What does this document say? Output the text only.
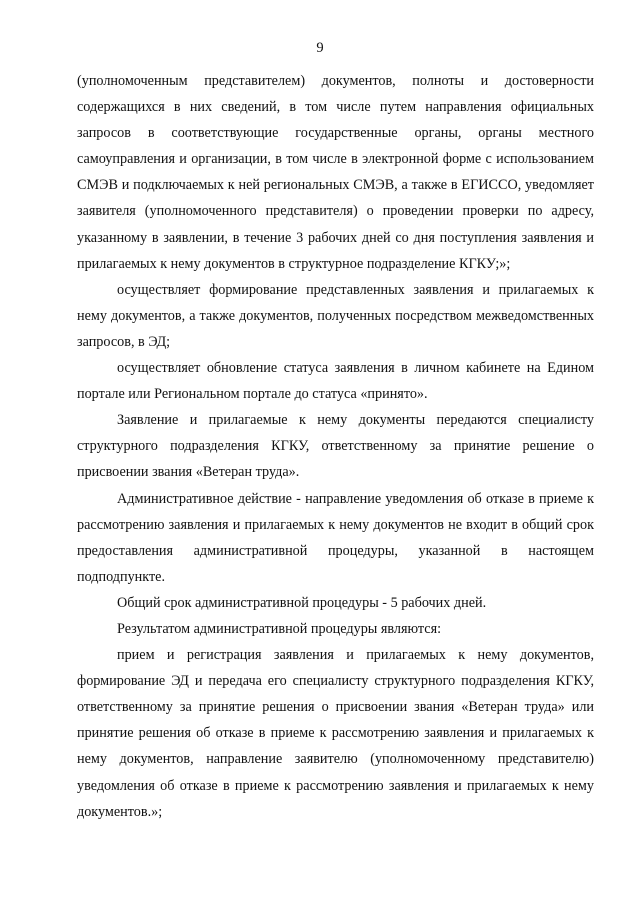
9

(уполномоченным представителем) документов, полноты и достоверности содержащихся в них сведений, в том числе путем направления официальных запросов в соответствующие государственные органы, органы местного самоуправления и организации, в том числе в электронной форме с использованием СМЭВ и подключаемых к ней региональных СМЭВ, а также в ЕГИССО, уведомляет заявителя (уполномоченного представителя) о проведении проверки по адресу, указанному в заявлении, в течение 3 рабочих дней со дня поступления заявления и прилагаемых к нему документов в структурное подразделение КГКУ;»;

осуществляет формирование представленных заявления и прилагаемых к нему документов, а также документов, полученных посредством межведомственных запросов, в ЭД;

осуществляет обновление статуса заявления в личном кабинете на Едином портале или Региональном портале до статуса «принято».

Заявление и прилагаемые к нему документы передаются специалисту структурного подразделения КГКУ, ответственному за принятие решение о присвоении звания «Ветеран труда».

Административное действие - направление уведомления об отказе в приеме к рассмотрению заявления и прилагаемых к нему документов не входит в общий срок предоставления административной процедуры, указанной в настоящем подподпункте.

Общий срок административной процедуры - 5 рабочих дней.

Результатом административной процедуры являются:

прием и регистрация заявления и прилагаемых к нему документов, формирование ЭД и передача его специалисту структурного подразделения КГКУ, ответственному за принятие решения о присвоении звания «Ветеран труда» или принятие решения об отказе в приеме к рассмотрению заявления и прилагаемых к нему документов, направление заявителю (уполномоченному представителю) уведомления об отказе в приеме к рассмотрению заявления и прилагаемых к нему документов.»;
